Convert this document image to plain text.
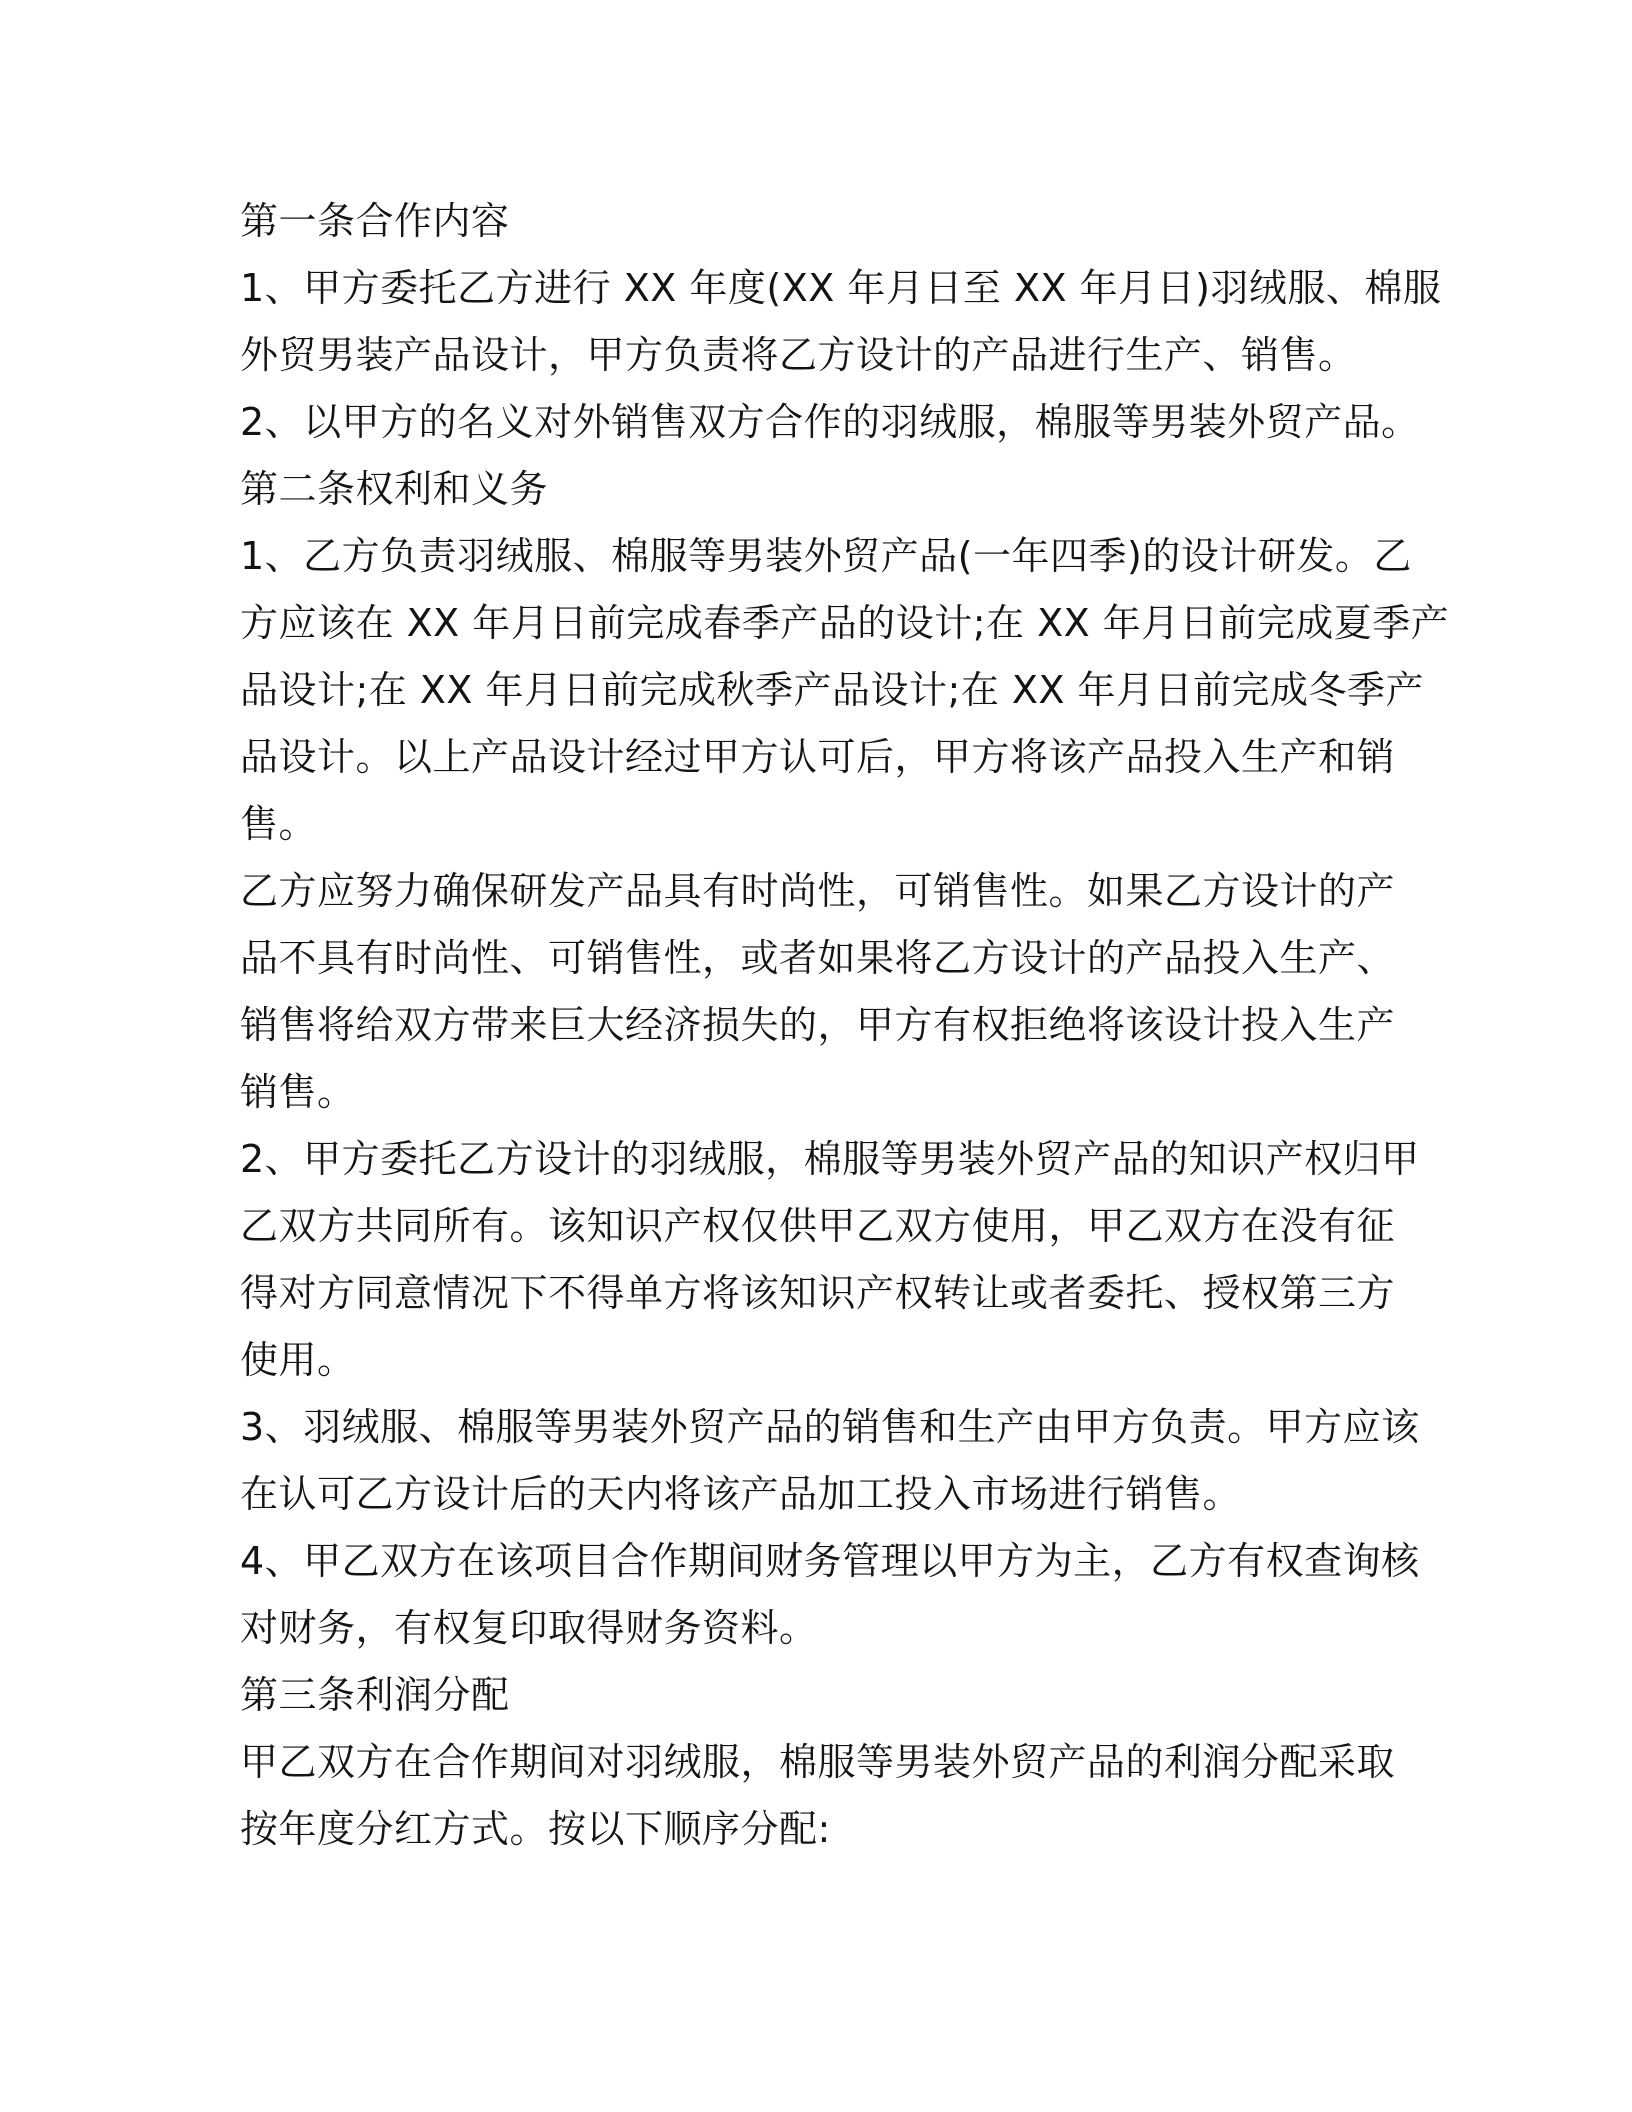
第一条合作内容
1、甲方委托乙方进行 XX 年度(XX 年月日至 XX 年月日)羽绒服、棉服
外贸男装产品设计，甲方负责将乙方设计的产品进行生产、销售。
2、以甲方的名义对外销售双方合作的羽绒服，棉服等男装外贸产品。
第二条权利和义务
1、乙方负责羽绒服、棉服等男装外贸产品(一年四季)的设计研发。乙
方应该在 XX 年月日前完成春季产品的设计;在 XX 年月日前完成夏季产
品设计;在 XX 年月日前完成秋季产品设计;在 XX 年月日前完成冬季产
品设计。以上产品设计经过甲方认可后，甲方将该产品投入生产和销
售。
乙方应努力确保研发产品具有时尚性，可销售性。如果乙方设计的产
品不具有时尚性、可销售性，或者如果将乙方设计的产品投入生产、
销售将给双方带来巨大经济损失的，甲方有权拒绝将该设计投入生产
销售。
2、甲方委托乙方设计的羽绒服，棉服等男装外贸产品的知识产权归甲
乙双方共同所有。该知识产权仅供甲乙双方使用，甲乙双方在没有征
得对方同意情况下不得单方将该知识产权转让或者委托、授权第三方
使用。
3、羽绒服、棉服等男装外贸产品的销售和生产由甲方负责。甲方应该
在认可乙方设计后的天内将该产品加工投入市场进行销售。
4、甲乙双方在该项目合作期间财务管理以甲方为主，乙方有权查询核
对财务，有权复印取得财务资料。
第三条利润分配
甲乙双方在合作期间对羽绒服，棉服等男装外贸产品的利润分配采取
按年度分红方式。按以下顺序分配:
